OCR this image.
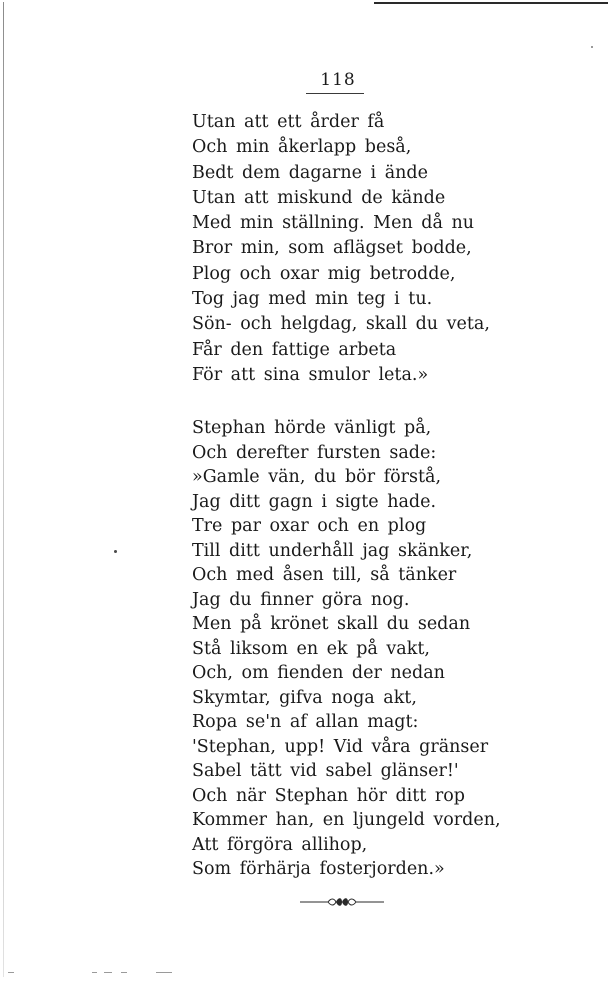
118
Utan att ett årder få
Och min åkerlapp beså,
Bedt dem dagarne i ände
Utan att miskund de kände
Med min ställning. Men då nu
Bror min, som aflägset bodde,
Plog och oxar mig betrodde,
Tog jag med min teg i tu.
Sön- och helgdag, skall du veta,
Får den fattige arbeta
För att sina smulor leta.»
Stephan hörde vänligt på,
Och derefter fursten sade:
»Gamle vän, du bör förstå,
Jag ditt gagn i sigte hade.
Tre par oxar och en plog
Till ditt underhåll jag skänker,
Och med åsen till, så tänker
Jag du finner göra nog.
Men på krönet skall du sedan
Stå liksom en ek på vakt,
Och, om fienden der nedan
Skymtar, gifva noga akt,
Ropa se'n af allan magt:
'Stephan, upp! Vid våra gränser
Sabel tätt vid sabel glänser!'
Och när Stephan hör ditt rop
Kommer han, en ljungeld vorden,
Att förgöra allihop,
Som förhärja fosterjorden.»
